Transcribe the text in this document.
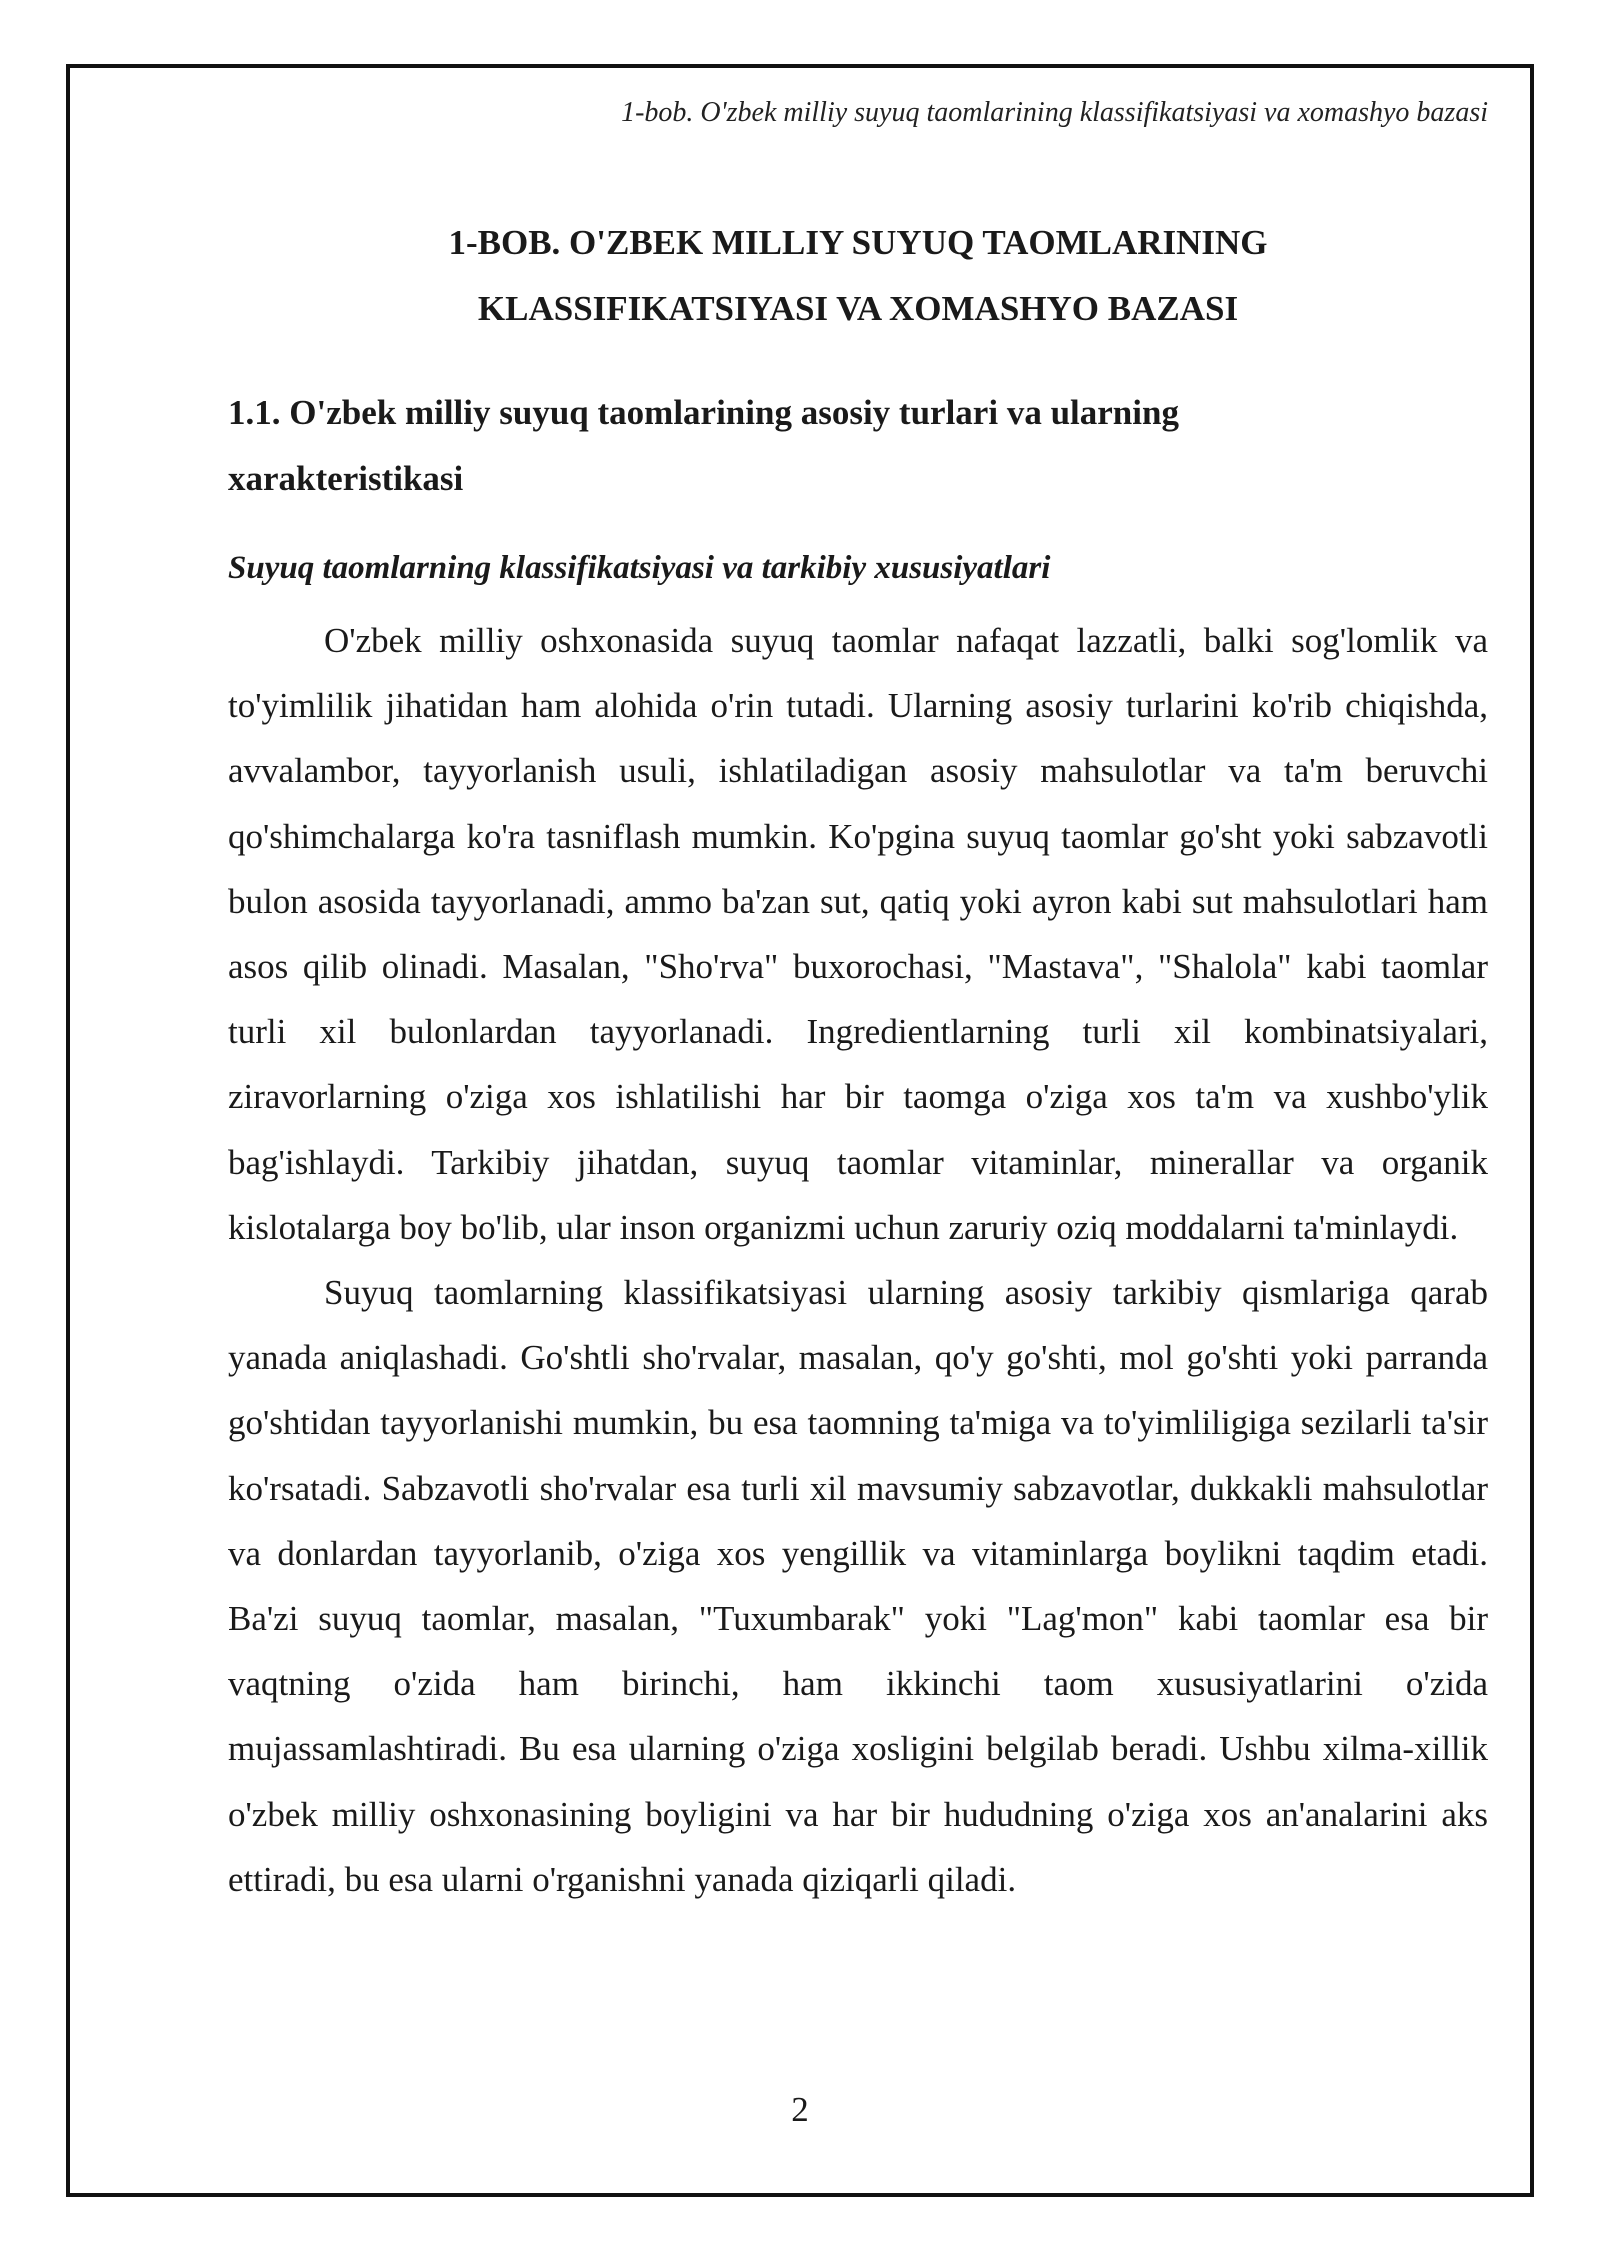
1-bob. O'zbek milliy suyuq taomlarining klassifikatsiyasi va xomashyo bazasi
1-BOB. O'ZBEK MILLIY SUYUQ TAOMLARINING
KLASSIFIKATSIYASI VA XOMASHYO BAZASI
1.1. O'zbek milliy suyuq taomlarining asosiy turlari va ularning
xarakteristikasi
Suyuq taomlarning klassifikatsiyasi va tarkibiy xususiyatlari

O'zbek milliy oshxonasida suyuq taomlar nafaqat lazzatli, balki sog'lomlik va to'yimlilik jihatidan ham alohida o'rin tutadi. Ularning asosiy turlarini ko'rib chiqishda, avvalambor, tayyorlanish usuli, ishlatiladigan asosiy mahsulotlar va ta'm beruvchi qo'shimchalarga ko'ra tasniflash mumkin. Ko'pgina suyuq taomlar go'sht yoki sabzavotli bulon asosida tayyorlanadi, ammo ba'zan sut, qatiq yoki ayron kabi sut mahsulotlari ham asos qilib olinadi. Masalan, "Sho'rva" buxorochasi, "Mastava", "Shalola" kabi taomlar turli xil bulonlardan tayyorlanadi. Ingredientlarning turli xil kombinatsiyalari, ziravorlarning o'ziga xos ishlatilishi har bir taomga o'ziga xos ta'm va xushbo'ylik bag'ishlaydi. Tarkibiy jihatdan, suyuq taomlar vitaminlar, minerallar va organik kislotalarga boy bo'lib, ular inson organizmi uchun zaruriy oziq moddalarni ta'minlaydi.

Suyuq taomlarning klassifikatsiyasi ularning asosiy tarkibiy qismlariga qarab yanada aniqlashadi. Go'shtli sho'rvalar, masalan, qo'y go'shti, mol go'shti yoki parranda go'shtidan tayyorlanishi mumkin, bu esa taomning ta'miga va to'yimliligiga sezilarli ta'sir ko'rsatadi. Sabzavotli sho'rvalar esa turli xil mavsumiy sabzavotlar, dukkakli mahsulotlar va donlardan tayyorlanib, o'ziga xos yengillik va vitaminlarga boylikni taqdim etadi. Ba'zi suyuq taomlar, masalan, "Tuxumbarak" yoki "Lag'mon" kabi taomlar esa bir vaqtning o'zida ham birinchi, ham ikkinchi taom xususiyatlarini o'zida mujassamlashtiradi. Bu esa ularning o'ziga xosligini belgilab beradi. Ushbu xilma-xillik o'zbek milliy oshxonasining boyligini va har bir hududning o'ziga xos an'analarini aks ettiradi, bu esa ularni o'rganishni yanada qiziqarli qiladi.

2
